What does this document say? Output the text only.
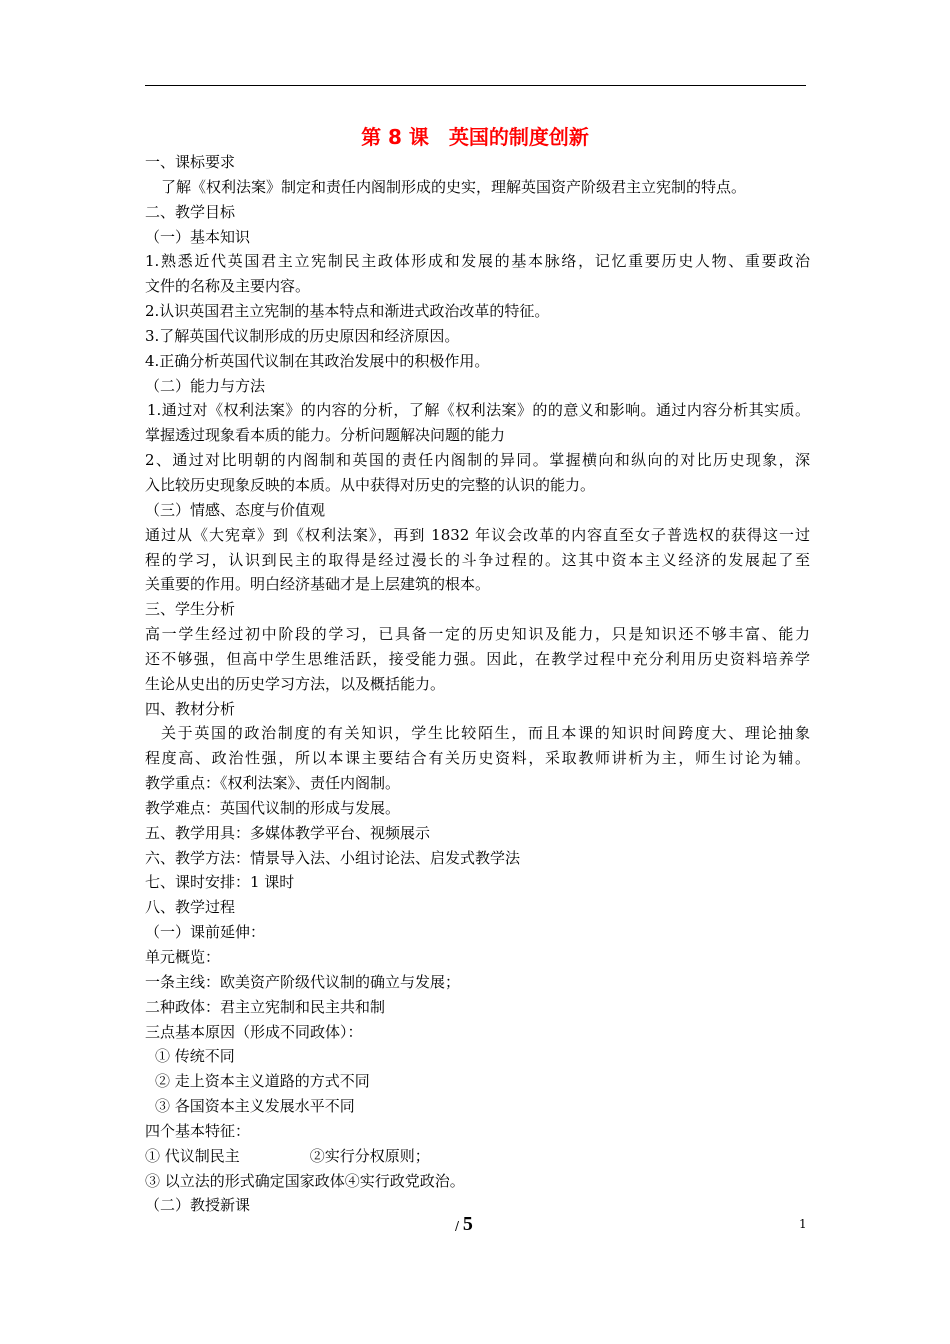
第 8 课　英国的制度创新
一、课标要求
了解《权利法案》制定和责任内阁制形成的史实，理解英国资产阶级君主立宪制的特点。
二、教学目标
（一）基本知识
1.熟悉近代英国君主立宪制民主政体形成和发展的基本脉络，记忆重要历史人物、重要政治
文件的名称及主要内容。
2.认识英国君主立宪制的基本特点和渐进式政治改革的特征。
3.了解英国代议制形成的历史原因和经济原因。
4.正确分析英国代议制在其政治发展中的积极作用。
（二）能力与方法
1.通过对《权利法案》的内容的分析，了解《权利法案》的的意义和影响。通过内容分析其实质。
掌握透过现象看本质的能力。分析问题解决问题的能力
2、通过对比明朝的内阁制和英国的责任内阁制的异同。掌握横向和纵向的对比历史现象，深
入比较历史现象反映的本质。从中获得对历史的完整的认识的能力。
（三）情感、态度与价值观
通过从《大宪章》到《权利法案》，再到 1832 年议会改革的内容直至女子普选权的获得这一过
程的学习，认识到民主的取得是经过漫长的斗争过程的。这其中资本主义经济的发展起了至
关重要的作用。明白经济基础才是上层建筑的根本。
三、学生分析
高一学生经过初中阶段的学习，已具备一定的历史知识及能力，只是知识还不够丰富、能力
还不够强，但高中学生思维活跃，接受能力强。因此，在教学过程中充分利用历史资料培养学
生论从史出的历史学习方法，以及概括能力。
四、教材分析
关于英国的政治制度的有关知识，学生比较陌生，而且本课的知识时间跨度大、理论抽象
程度高、政治性强，所以本课主要结合有关历史资料，采取教师讲析为主，师生讨论为辅。
教学重点：《权利法案》、责任内阁制。
教学难点：英国代议制的形成与发展。
五、教学用具：多媒体教学平台、视频展示
六、教学方法：情景导入法、小组讨论法、启发式教学法
七、课时安排：1 课时
八、教学过程
（一）课前延伸：
单元概览：
一条主线：欧美资产阶级代议制的确立与发展；
二种政体：君主立宪制和民主共和制
三点基本原因（形成不同政体）：
① 传统不同
② 走上资本主义道路的方式不同
③ 各国资本主义发展水平不同
四个基本特征：
① 代议制民主	②实行分权原则；
③ 以立法的形式确定国家政体④实行政党政治。
（二）教授新课
/ 5	1
